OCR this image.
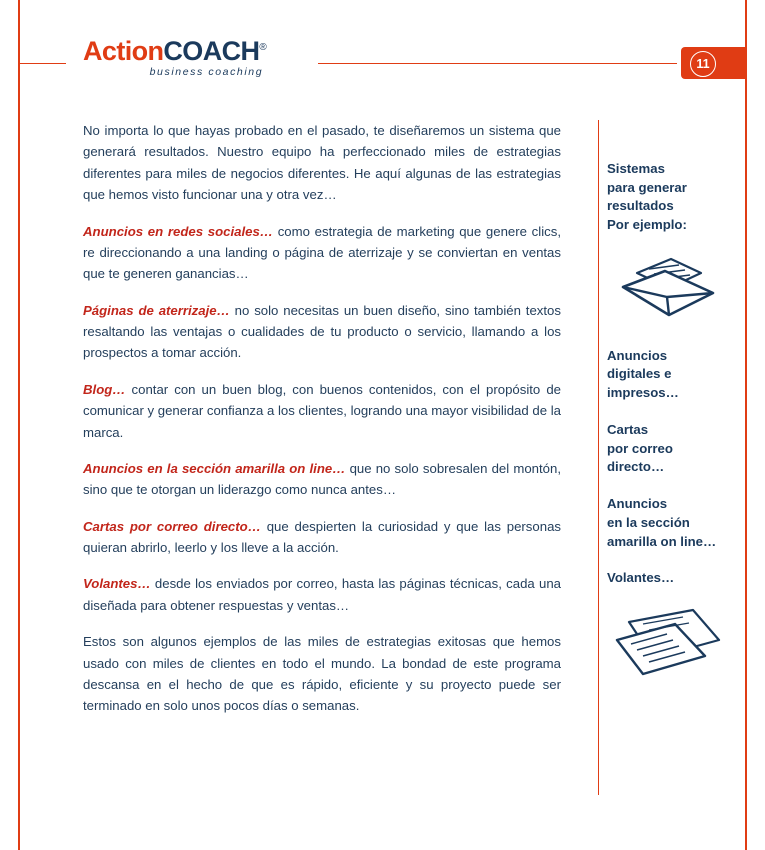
ActionCOACH®
business coaching
11

No importa lo que hayas probado en el pasado, te diseñaremos un sistema que generará resultados. Nuestro equipo ha perfeccionado miles de estrategias diferentes para miles de negocios diferentes. He aquí algunas de las estrategias que hemos visto funcionar una y otra vez…

Anuncios en redes sociales… como estrategia de marketing que genere clics, re direccionando a una landing o página de aterrizaje y se conviertan en ventas que te generen ganancias…

Páginas de aterrizaje… no solo necesitas un buen diseño, sino también textos resaltando las ventajas o cualidades de tu producto o servicio, llamando a los prospectos a tomar acción.

Blog… contar con un buen blog, con buenos contenidos, con el propósito de comunicar y generar confianza a los clientes, logrando una mayor visibilidad de la marca.

Anuncios en la sección amarilla on line… que no solo sobresalen del montón, sino que te otorgan un liderazgo como nunca antes…

Cartas por correo directo… que despierten la curiosidad y que las personas quieran abrirlo, leerlo y los lleve a la acción.

Volantes… desde los enviados por correo, hasta las páginas técnicas, cada una diseñada para obtener respuestas y ventas…

Estos son algunos ejemplos de las miles de estrategias exitosas que hemos usado con miles de clientes en todo el mundo. La bondad de este programa descansa en el hecho de que es rápido, eficiente y su proyecto puede ser terminado en solo unos pocos días o semanas.

Sistemas
para generar
resultados
Por ejemplo:
Anuncios
digitales e
impresos…
Cartas
por correo
directo…
Anuncios
en la sección
amarilla on line…
Volantes…
